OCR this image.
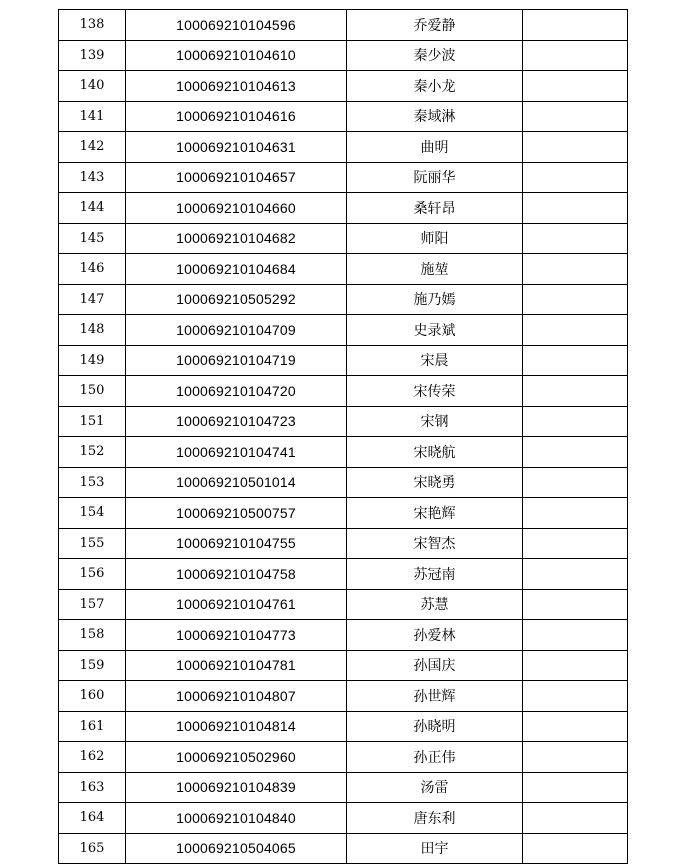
138	100069210104596	乔爱静	
139	100069210104610	秦少波	
140	100069210104613	秦小龙	
141	100069210104616	秦域淋	
142	100069210104631	曲明	
143	100069210104657	阮丽华	
144	100069210104660	桑轩昂	
145	100069210104682	师阳	
146	100069210104684	施堃	
147	100069210505292	施乃嫣	
148	100069210104709	史录斌	
149	100069210104719	宋晨	
150	100069210104720	宋传荣	
151	100069210104723	宋钢	
152	100069210104741	宋晓航	
153	100069210501014	宋晓勇	
154	100069210500757	宋艳辉	
155	100069210104755	宋智杰	
156	100069210104758	苏冠南	
157	100069210104761	苏慧	
158	100069210104773	孙爱林	
159	100069210104781	孙国庆	
160	100069210104807	孙世辉	
161	100069210104814	孙晓明	
162	100069210502960	孙正伟	
163	100069210104839	汤雷	
164	100069210104840	唐东利	
165	100069210504065	田宇	
